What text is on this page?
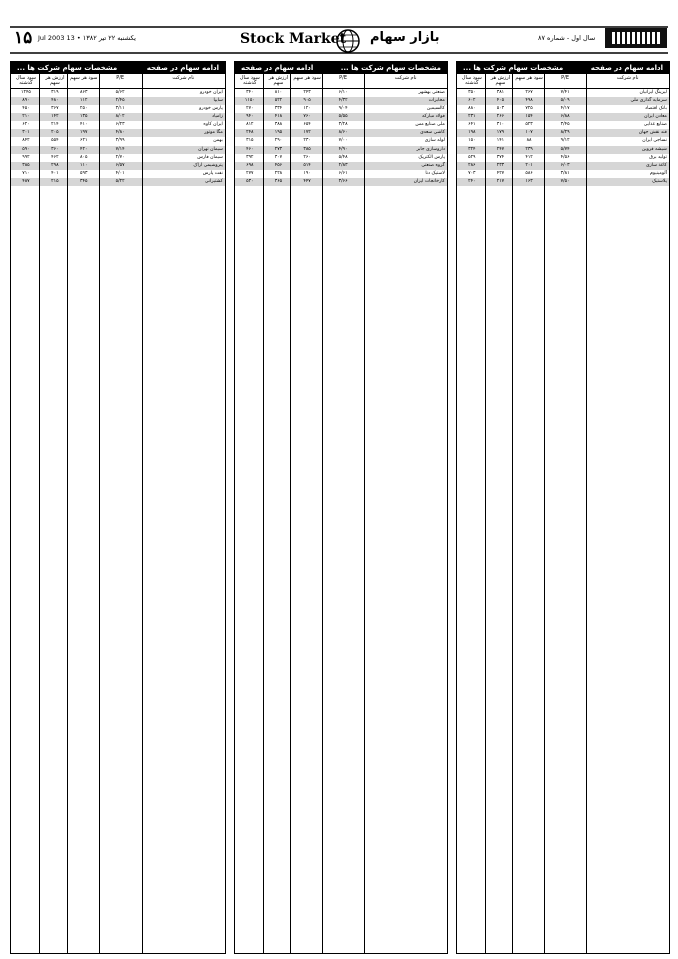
۱۵ یکشنبه ۲۲ تیر ۱۳۸۲ • 13 Jul 2003	Stock Market بازار سهام	سال اول - شماره ۸۷
ادامه سهام در صفحه
مشخصات سهام شرکت ها ...
نام شرکت
P/E
سود هر سهم
ارزش هر سهم
سود سال گذشته
ایران خودرو
۵/۶۲
۸۶۳
۳۱۹
۱۲۴۵
سایپا
۲/۴۵
۱۱۲
۴۸۰
۸۹۰
پارس خودرو
۳/۱۱
۲۵۰
۳۶۷
۴۵۰
زامیاد
۸/۰۲
۱۳۵
۱۴۲
۲۱۰
ایران کاوه
۶/۲۳
۴۱۰
۲۱۴
۶۲۰
مگا موتور
۴/۸۰
۱۹۷
۲۰۵
۳۰۱
بهمن
۳/۹۹
۶۲۱
۵۵۴
۸۴۲
سیمان تهران
۷/۱۴
۴۲۰
۳۶۰
۵۹۰
سیمان فارس
۲/۷۰
۸۰۵
۴۶۲
۹۹۲
پتروشیمی اراک
۶/۵۷
۱۱۰
۲۹۸
۳۸۵
نفت پارس
۴/۰۱
۵۹۳
۴۰۱
۷۱۰
کشتیرانی
۵/۲۲
۳۴۵
۲۱۵
۴۸۷
مشخصات سهام شرکت ها ...
ادامه سهام در صفحه
نام شرکت
P/E
سود هر سهم
ارزش هر سهم
سود سال گذشته
صنعتی بهشهر
۶/۱۰
۲۴۳
۸۱۰
۳۴۰
مخابرات
۴/۳۲
۹۰۵
۵۲۲
۱۱۵۰
کالسیمین
۹/۰۴
۱۲۰
۳۳۴
۲۷۰
فولاد مبارکه
۵/۵۵
۷۶۰
۴۱۸
۹۴۰
ملی صنایع مس
۳/۲۸
۶۵۴
۳۸۸
۸۱۲
کاشی سعدی
۸/۶۰
۱۷۲
۱۹۵
۲۴۸
لوله سازی
۷/۰۰
۲۳۰
۲۹۰
۳۱۵
داروسازی جابر
۴/۹۰
۳۸۵
۲۷۳
۴۶۰
پارس الکتریک
۵/۴۸
۲۶۰
۳۰۷
۳۹۲
گروه صنعتی
۲/۸۳
۵۱۴
۴۵۶
۶۹۸
لاستیک دنا
۶/۶۱
۱۹۰
۲۲۸
۲۷۷
کارخانجات ایران
۳/۶۶
۴۴۷
۳۶۵
۵۳۰
ادامه سهام در صفحه
مشخصات سهام شرکت ها ...
نام شرکت
P/E
سود هر سهم
ارزش هر سهم
سود سال گذشته
لیزینگ ایرانیان
۷/۴۱
۲۶۷
۳۸۱
۳۵۰
سرمایه گذاری ملی
۵/۰۹
۴۹۸
۴۰۵
۶۰۲
بانک اقتصاد
۴/۱۷
۷۲۵
۵۰۳
۸۸۰
معادن ایران
۶/۸۸
۱۵۴
۲۶۶
۲۳۱
صنایع غذایی
۳/۴۵
۵۲۳
۳۱۰
۶۴۱
قند نقش جهان
۸/۲۹
۱۰۷
۱۷۹
۱۹۸
نساجی ایران
۹/۱۲
۸۸
۱۴۱
۱۵۰
شیشه قزوین
۵/۷۴
۲۳۹
۲۴۷
۳۲۴
تولید برق
۴/۵۶
۴۱۲
۳۷۴
۵۲۹
کاغذ سازی
۶/۰۳
۲۰۱
۲۳۳
۲۸۶
آلومینیوم
۳/۸۱
۵۸۶
۴۲۷
۷۰۳
پلاستیک
۷/۵۰
۱۶۳
۲۱۷
۲۴۰
